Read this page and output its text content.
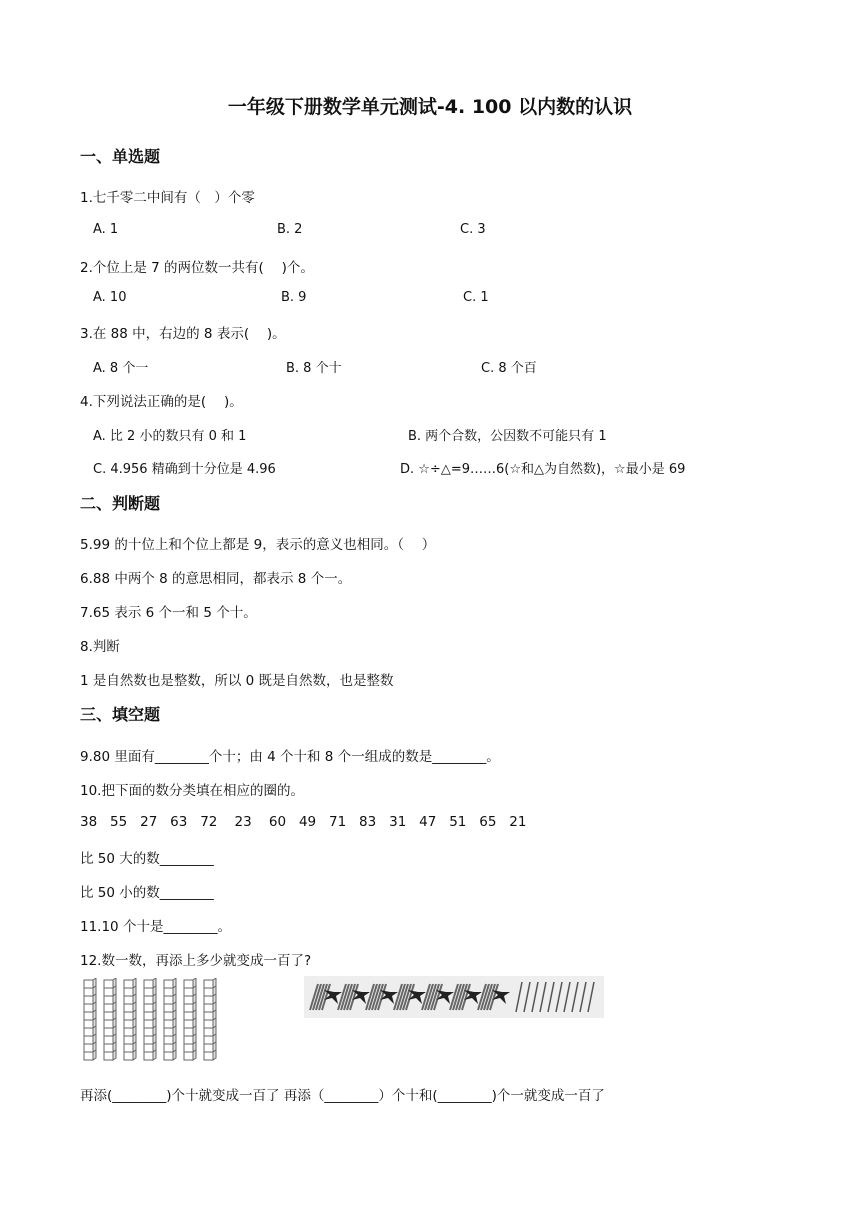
一年级下册数学单元测试-4. 100 以内数的认识
一、单选题
1.七千零二中间有（　）个零
A. 1	B. 2	C. 3
2.个位上是 7 的两位数一共有(　 )个。
A. 10	B. 9	C. 1
3.在 88 中，右边的 8 表示(　 )。
A. 8 个一	B. 8 个十	C. 8 个百
4.下列说法正确的是(　 )。
A. 比 2 小的数只有 0 和 1	B. 两个合数，公因数不可能只有 1
C. 4.956 精确到十分位是 4.96	D. ☆÷△=9……6(☆和△为自然数)，☆最小是 69
二、判断题
5.99 的十位上和个位上都是 9，表示的意义也相同。（　 ）
6.88 中两个 8 的意思相同，都表示 8 个一。
7.65 表示 6 个一和 5 个十。
8.判断
1 是自然数也是整数，所以 0 既是自然数，也是整数
三、填空题
9.80 里面有________个十；由 4 个十和 8 个一组成的数是________。
10.把下面的数分类填在相应的圈的。
38   55   27   63   72    23    60   49   71   83   31   47   51   65   21
比 50 大的数________
比 50 小的数________
11.10 个十是________。
12.数一数，再添上多少就变成一百了?
再添(________)个十就变成一百了 再添（________）个十和(________)个一就变成一百了
